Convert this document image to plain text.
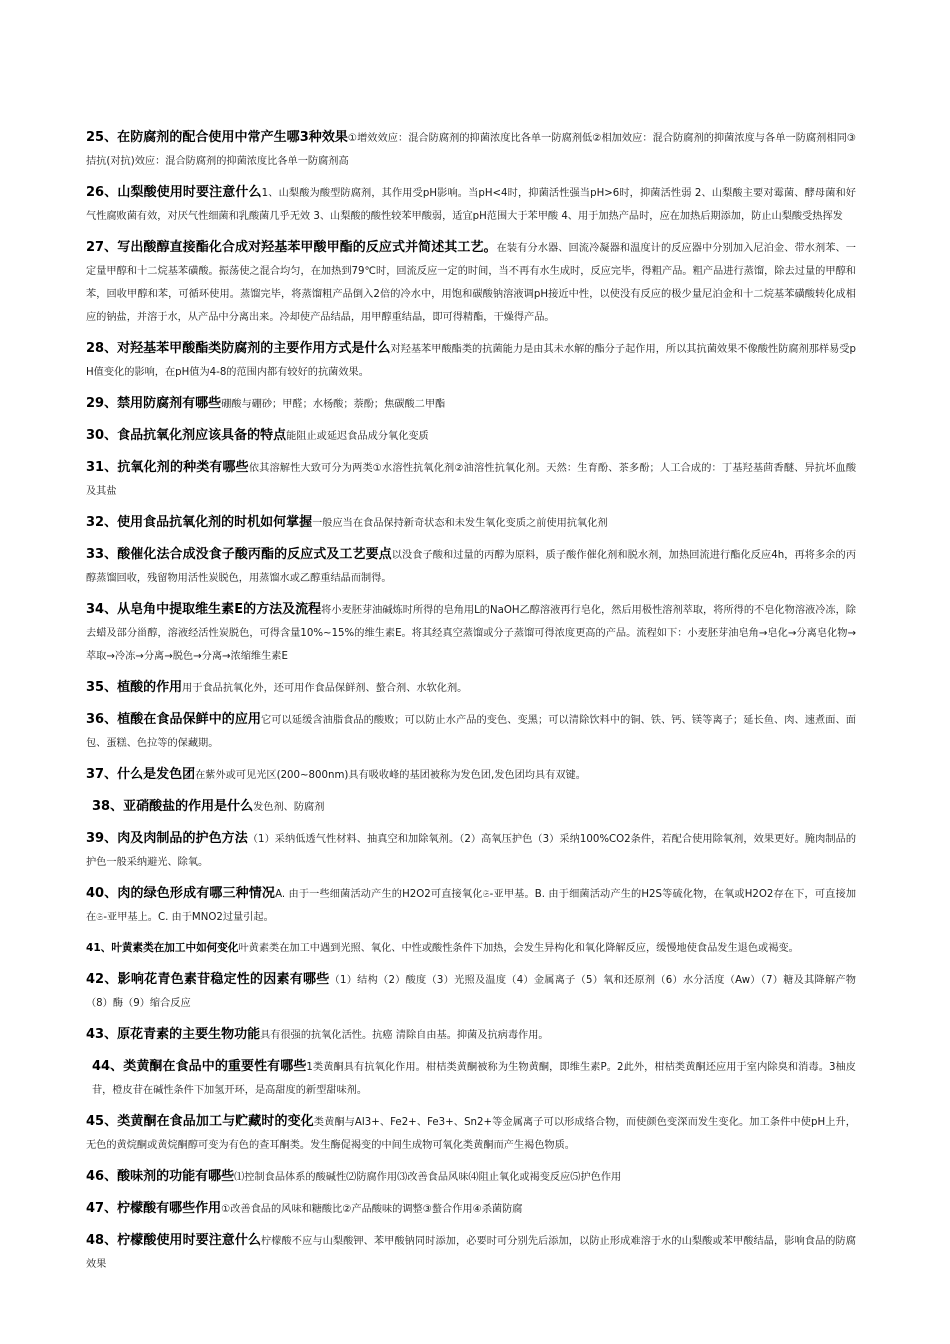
25、在防腐剂的配合使用中常产生哪3种效果①增效效应：混合防腐剂的抑菌浓度比各单一防腐剂低②相加效应：混合防腐剂的抑菌浓度与各单一防腐剂相同③拮抗(对抗)效应：混合防腐剂的抑菌浓度比各单一防腐剂高

26、山梨酸使用时要注意什么1、山梨酸为酸型防腐剂，其作用受pH影响。当pH<4时，抑菌活性强当pH>6时，抑菌活性弱 2、山梨酸主要对霉菌、酵母菌和好气性腐败菌有效，对厌气性细菌和乳酸菌几乎无效 3、山梨酸的酸性较苯甲酸弱，适宜pH范围大于苯甲酸 4、用于加热产品时，应在加热后期添加，防止山梨酸受热挥发

27、写出酸醇直接酯化合成对羟基苯甲酸甲酯的反应式并简述其工艺。在装有分水器、回流冷凝器和温度计的反应器中分别加入尼泊金、带水剂苯、一定量甲醇和十二烷基苯磺酸。振荡使之混合均匀，在加热到79℃时，回流反应一定的时间，当不再有水生成时，反应完毕，得粗产品。粗产品进行蒸馏，除去过量的甲醇和苯，回收甲醇和苯，可循环使用。蒸馏完毕，将蒸馏粗产品倒入2倍的冷水中，用饱和碳酸钠溶液调pH接近中性，以使没有反应的极少量尼泊金和十二烷基苯磺酸转化成相应的钠盐，并溶于水，从产品中分离出来。冷却使产品结晶，用甲醇重结晶，即可得精酯，干燥得产品。

28、对羟基苯甲酸酯类防腐剂的主要作用方式是什么对羟基苯甲酸酯类的抗菌能力是由其未水解的酯分子起作用，所以其抗菌效果不像酸性防腐剂那样易受pH值变化的影响，在pH值为4-8的范围内都有较好的抗菌效果。

29、禁用防腐剂有哪些硼酸与硼砂；甲醛；水杨酸；萘酚；焦碳酸二甲酯

30、食品抗氧化剂应该具备的特点能阻止或延迟食品成分氧化变质

31、抗氧化剂的种类有哪些依其溶解性大致可分为两类①水溶性抗氧化剂②油溶性抗氧化剂。天然：生育酚、茶多酚；人工合成的：丁基羟基茴香醚、异抗坏血酸及其盐

32、使用食品抗氧化剂的时机如何掌握一般应当在食品保持新奇状态和未发生氧化变质之前使用抗氧化剂

33、酸催化法合成没食子酸丙酯的反应式及工艺要点以没食子酸和过量的丙醇为原料，质子酸作催化剂和脱水剂，加热回流进行酯化反应4h，再将多余的丙醇蒸馏回收，残留物用活性炭脱色，用蒸馏水或乙醇重结晶而制得。

34、从皂角中提取维生素E的方法及流程将小麦胚芽油碱炼时所得的皂角用L的NaOH乙醇溶液再行皂化，然后用极性溶剂萃取，将所得的不皂化物溶液冷冻，除去蜡及部分甾醇，溶液经活性炭脱色，可得含量10%~15%的维生素E。将其经真空蒸馏或分子蒸馏可得浓度更高的产品。流程如下：小麦胚芽油皂角→皂化→分离皂化物→萃取→冷冻→分离→脱色→分离→浓缩维生素E

35、植酸的作用用于食品抗氧化外，还可用作食品保鲜剂、螯合剂、水软化剂。

36、植酸在食品保鲜中的应用它可以延缓含油脂食品的酸败；可以防止水产品的变色、变黑；可以清除饮料中的铜、铁、钙、镁等离子；延长鱼、肉、速煮面、面包、蛋糕、色拉等的保藏期。

37、什么是发色团在紫外或可见光区(200~800nm)具有吸收峰的基团被称为发色团,发色团均具有双键。

38、亚硝酸盐的作用是什么发色剂、防腐剂

39、肉及肉制品的护色方法（1）采纳低透气性材料、抽真空和加除氧剂。（2）高氧压护色（3）采纳100%CO2条件，若配合使用除氧剂，效果更好。腌肉制品的护色一般采纳避光、除氧。

40、肉的绿色形成有哪三种情况A. 由于一些细菌活动产生的H2O2可直接氧化𝔖-亚甲基。B. 由于细菌活动产生的H2S等硫化物，在氧或H2O2存在下，可直接加在𝔖-亚甲基上。C. 由于MNO2过量引起。

41、叶黄素类在加工中如何变化叶黄素类在加工中遇到光照、氧化、中性或酸性条件下加热，会发生异构化和氧化降解反应，缓慢地使食品发生退色或褐变。

42、影响花青色素苷稳定性的因素有哪些（1）结构（2）酸度（3）光照及温度（4）金属离子（5）氧和还原剂（6）水分活度（Aw）（7）糖及其降解产物（8）酶（9）缩合反应

43、原花青素的主要生物功能具有很强的抗氧化活性。抗癌 清除自由基。抑菌及抗病毒作用。

44、类黄酮在食品中的重要性有哪些1类黄酮具有抗氧化作用。柑桔类黄酮被称为生物黄酮，即维生素P。2此外，柑桔类黄酮还应用于室内除臭和消毒。3柚皮苷，橙皮苷在碱性条件下加氢开环，是高甜度的新型甜味剂。

45、类黄酮在食品加工与贮藏时的变化类黄酮与Al3+、Fe2+、Fe3+、Sn2+等金属离子可以形成络合物，而使颜色变深而发生变化。加工条件中使pH上升，无色的黄烷酮或黄烷酮醇可变为有色的查耳酮类。发生酶促褐变的中间生成物可氧化类黄酮而产生褐色物质。

46、酸味剂的功能有哪些⑴控制食品体系的酸碱性⑵防腐作用⑶改善食品风味⑷阻止氧化或褐变反应⑸护色作用

47、柠檬酸有哪些作用①改善食品的风味和糖酸比②产品酸味的调整③螯合作用④杀菌防腐

48、柠檬酸使用时要注意什么柠檬酸不应与山梨酸钾、苯甲酸钠同时添加，必要时可分别先后添加，以防止形成难溶于水的山梨酸或苯甲酸结晶，影响食品的防腐效果
